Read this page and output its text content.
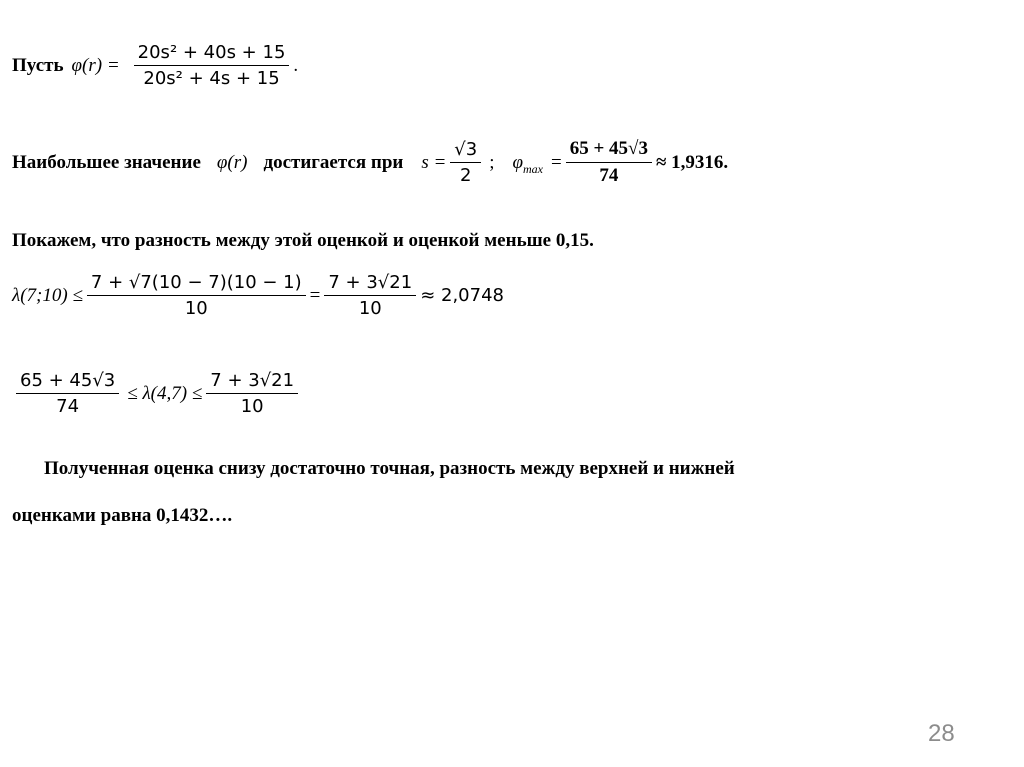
Пусть $\varphi(r) = \frac{\text{20s² + 40s + 15}}{\text{20s² + 4s + 15}}$ .
Наибольшее значение φ(r) достигается при $s = \frac{√3}{2}$ ; $\varphi_{max} = \frac{65 + 45√3}{74} \approx 1,9316$.
Покажем, что разность между этой оценкой и оценкой меньше 0,15.
λ(7;10) ≤ $\frac{7 + √7(10 - 7)(10 - 1)}{10} = \frac{7 + 3√21}{10} \approx 2,0748$
$\frac{65 + 45√3}{74} \le \lambda(4,7) \le \frac{7 + 3√21}{10}$
Полученная оценка снизу достаточно точная, разность между верхней и нижней
оценками равна 0,1432….
28
